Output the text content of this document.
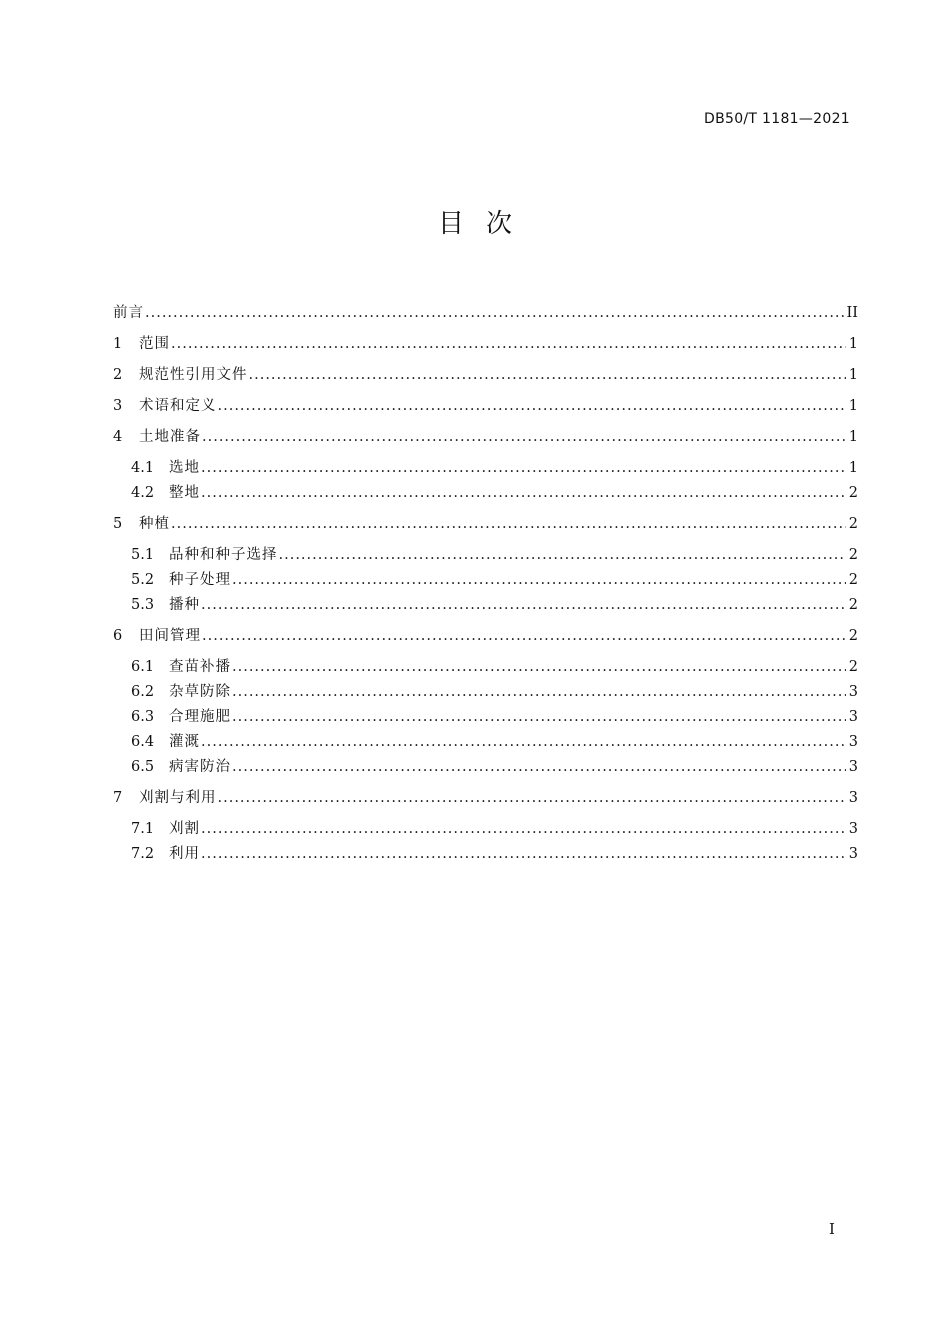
DB50/T 1181—2021
目次
前言 .....	II
1	范围 .....	1
2	规范性引用文件 .....	1
3	术语和定义 .....	1
4	土地准备 .....	1
4.1	选地 .....	1
4.2	整地 .....	2
5	种植 .....	2
5.1	品种和种子选择 .....	2
5.2	种子处理 .....	2
5.3	播种 .....	2
6	田间管理 .....	2
6.1	查苗补播 .....	2
6.2	杂草防除 .....	3
6.3	合理施肥 .....	3
6.4	灌溉 .....	3
6.5	病害防治 .....	3
7	刈割与利用 .....	3
7.1	刈割 .....	3
7.2	利用 .....	3
I
